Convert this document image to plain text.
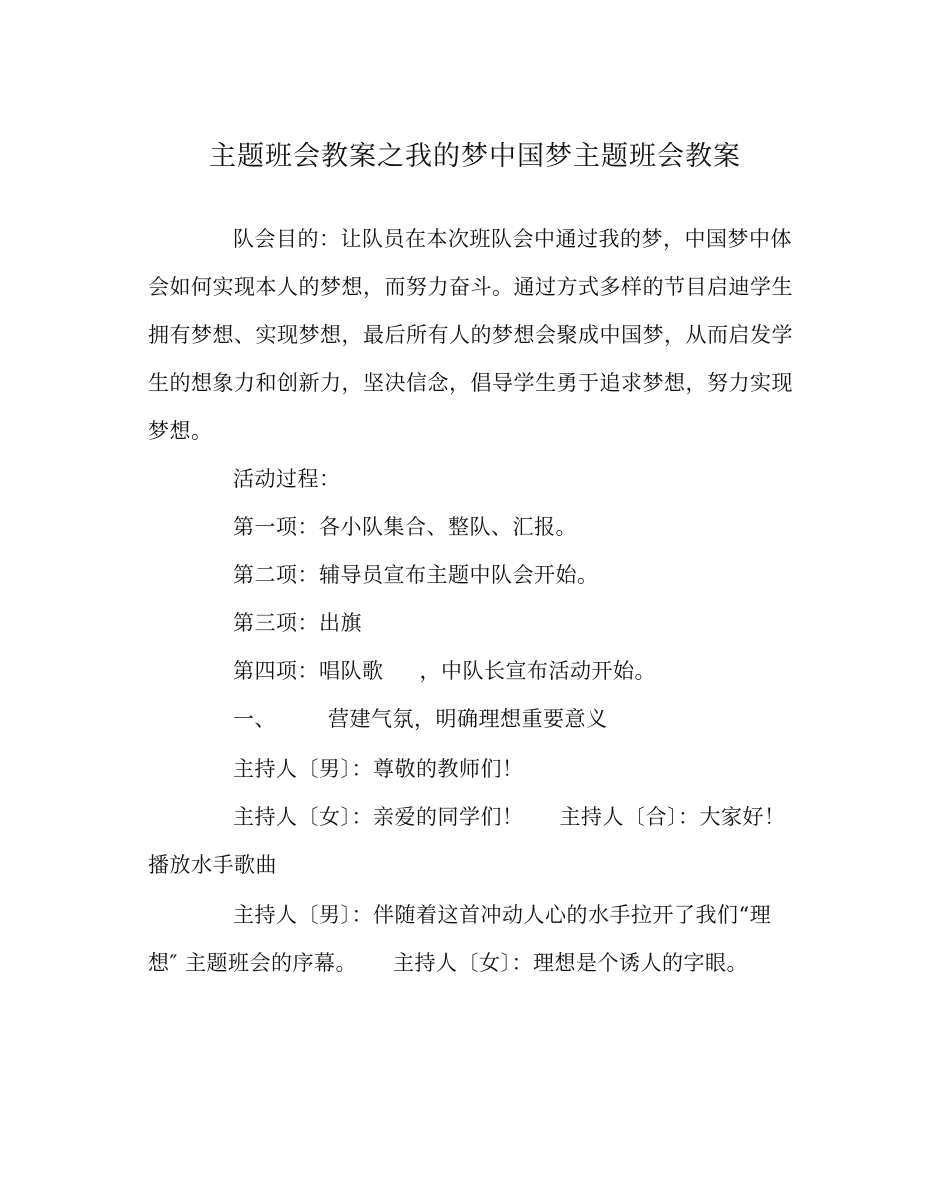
主题班会教案之我的梦中国梦主题班会教案
队会目的：让队员在本次班队会中通过我的梦，中国梦中体
会如何实现本人的梦想，而努力奋斗。通过方式多样的节目启迪学生
拥有梦想、实现梦想，最后所有人的梦想会聚成中国梦，从而启发学
生的想象力和创新力，坚决信念，倡导学生勇于追求梦想，努力实现
梦想。
活动过程：
第一项：各小队集合、整队、汇报。
第二项：辅导员宣布主题中队会开始。
第三项：出旗
第四项：唱队歌 ，中队长宣布活动开始。
一、 营建气氛，明确理想重要意义
主持人〔男〕：尊敬的教师们！
主持人〔女〕：亲爱的同学们！ 主持人〔合〕：大家好！
播放水手歌曲
主持人〔男〕：伴随着这首冲动人心的水手拉开了我们“理
想″ 主题班会的序幕。 主持人〔女〕：理想是个诱人的字眼。
